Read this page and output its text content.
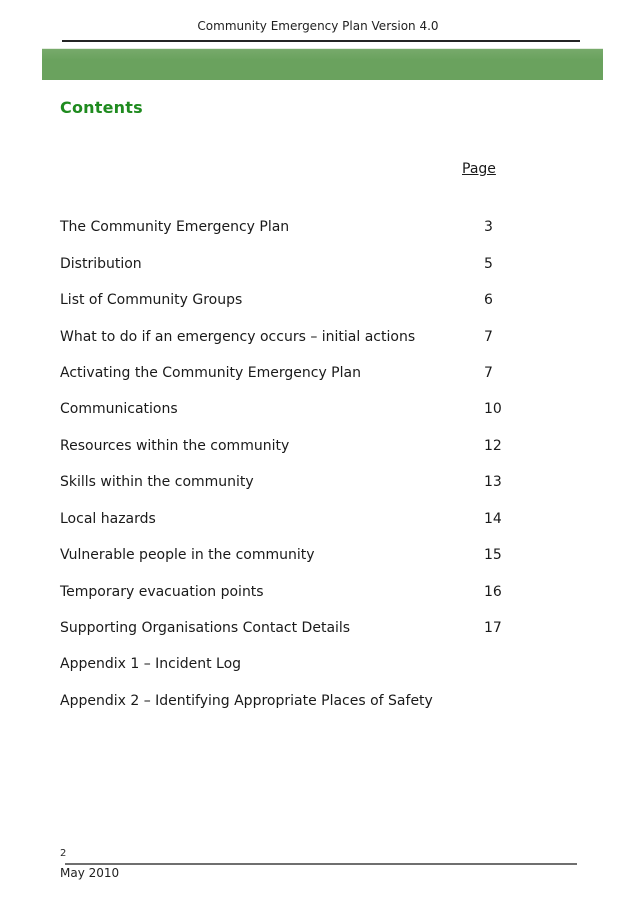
Community Emergency Plan Version 4.0
Contents
Page
The Community Emergency Plan	3
Distribution	5
List of Community Groups	6
What to do if an emergency occurs – initial actions	7
Activating the Community Emergency Plan	7
Communications	10
Resources within the community	12
Skills within the community	13
Local hazards	14
Vulnerable people in the community	15
Temporary evacuation points	16
Supporting Organisations Contact Details	17
Appendix 1 – Incident Log
Appendix 2 – Identifying Appropriate Places of Safety
2
May 2010
